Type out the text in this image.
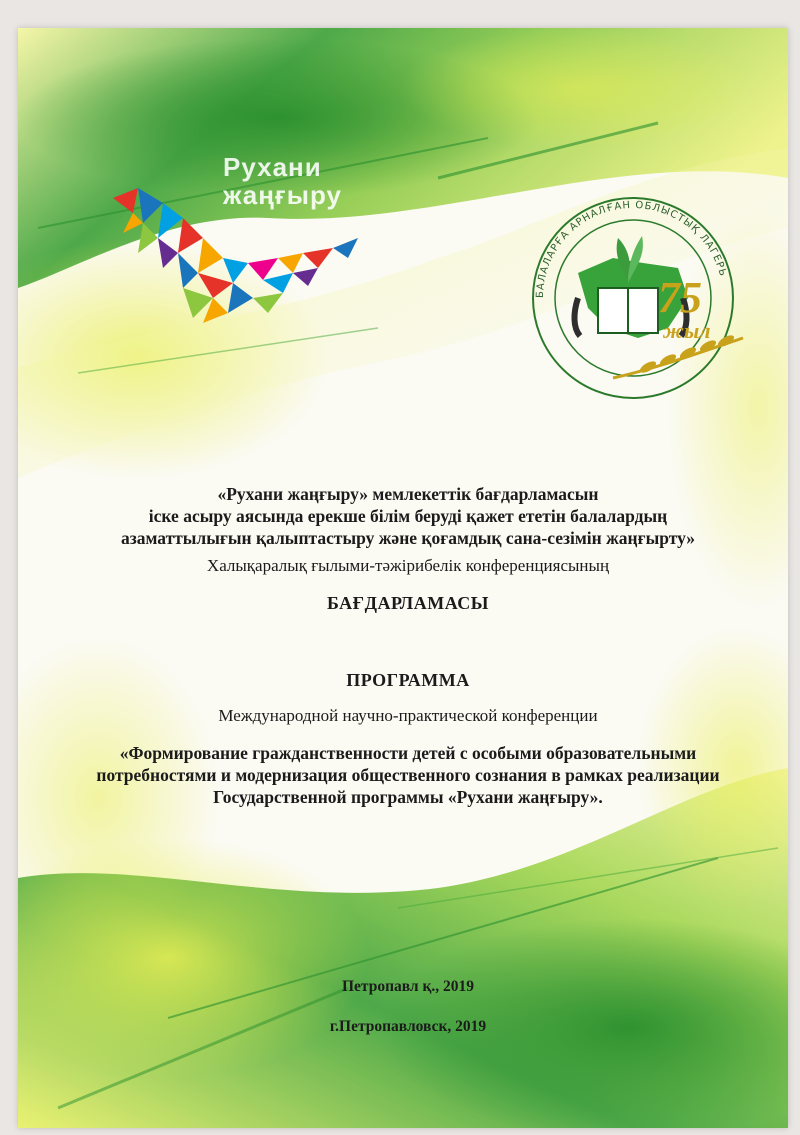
Рухани
жаңғыру
БАЛАЛАРҒА АРНАЛҒАН ОБЛЫСТЫҚ ЛАГЕРЬ
75
жыл
«Рухани жаңғыру» мемлекеттік бағдарламасын
іске асыру аясында ерекше білім беруді қажет ететін балалардың
азаматтылығын қалыптастыру және қоғамдық сана-сезімін жаңғырту»
Халықаралық ғылыми-тәжірибелік конференциясының
БАҒДАРЛАМАСЫ
ПРОГРАММА
Международной научно-практической конференции
«Формирование гражданственности детей с особыми образовательными
потребностями и модернизация общественного сознания в рамках реализации
Государственной программы «Рухани жаңғыру».
Петропавл қ., 2019
г.Петропавловск, 2019
